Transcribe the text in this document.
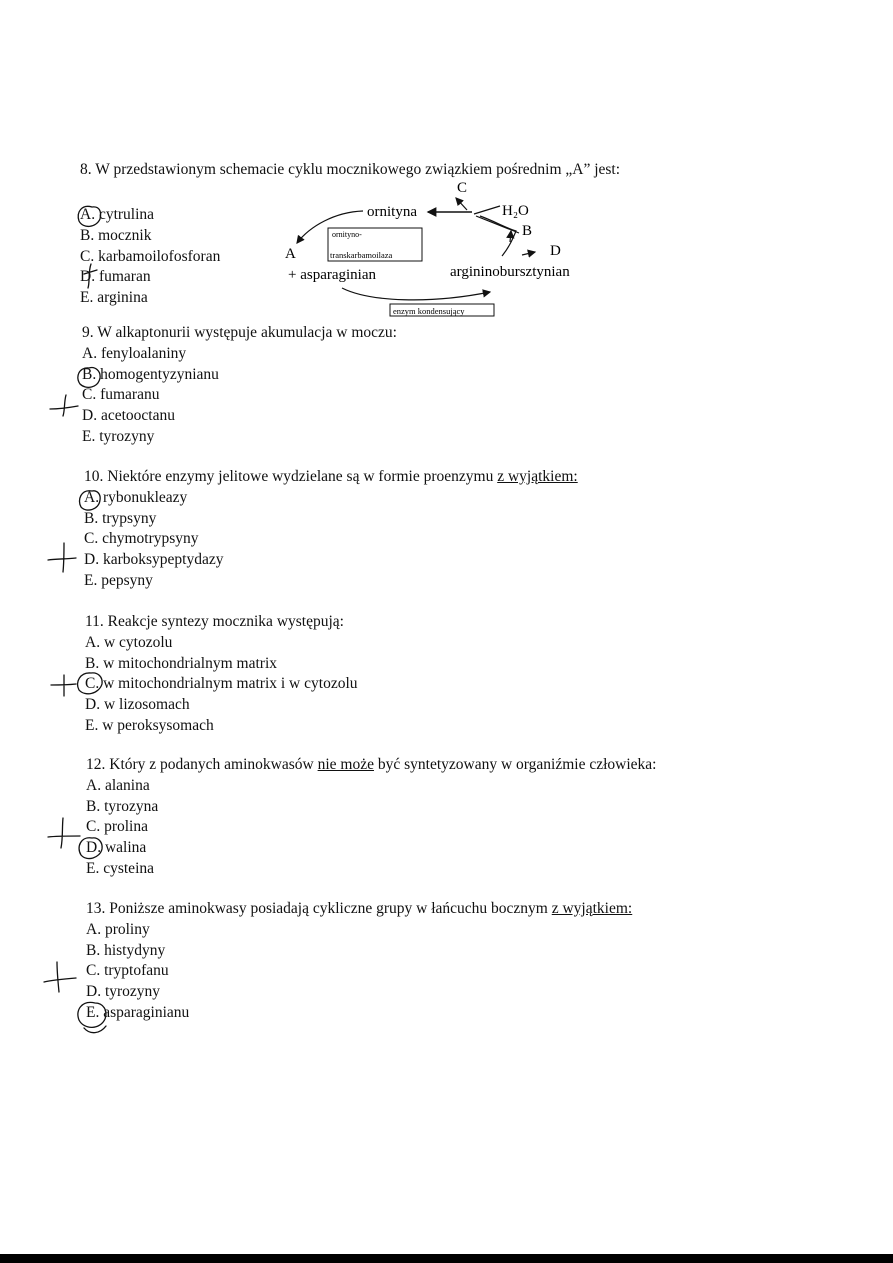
8. W przedstawionym schemacie cyklu mocznikowego związkiem pośrednim „A” jest:
A. cytrulina
B. mocznik
C. karbamoilofosforan
D. fumaran
E. arginina
C
ornityna	H₂O
B
ornityno-
transkarbamoilaza
A	D
+ asparaginian	argininobursztynian
enzym kondensujący
9. W alkaptonurii występuje akumulacja w moczu:
A. fenyloalaniny
B. homogentyzynianu
C. fumaranu
D. acetooctanu
E. tyrozyny
10. Niektóre enzymy jelitowe wydzielane są w formie proenzymu z wyjątkiem:
A. rybonukleazy
B. trypsyny
C. chymotrypsyny
D. karboksypeptydazy
E. pepsyny
11. Reakcje syntezy mocznika występują:
A. w cytozolu
B. w mitochondrialnym matrix
C. w mitochondrialnym matrix i w cytozolu
D. w lizosomach
E. w peroksysomach
12. Który z podanych aminokwasów nie może być syntetyzowany w organiźmie człowieka:
A. alanina
B. tyrozyna
C. prolina
D. walina
E. cysteina
13. Poniższe aminokwasy posiadają cykliczne grupy w łańcuchu bocznym z wyjątkiem:
A. proliny
B. histydyny
C. tryptofanu
D. tyrozyny
E. asparaginianu
